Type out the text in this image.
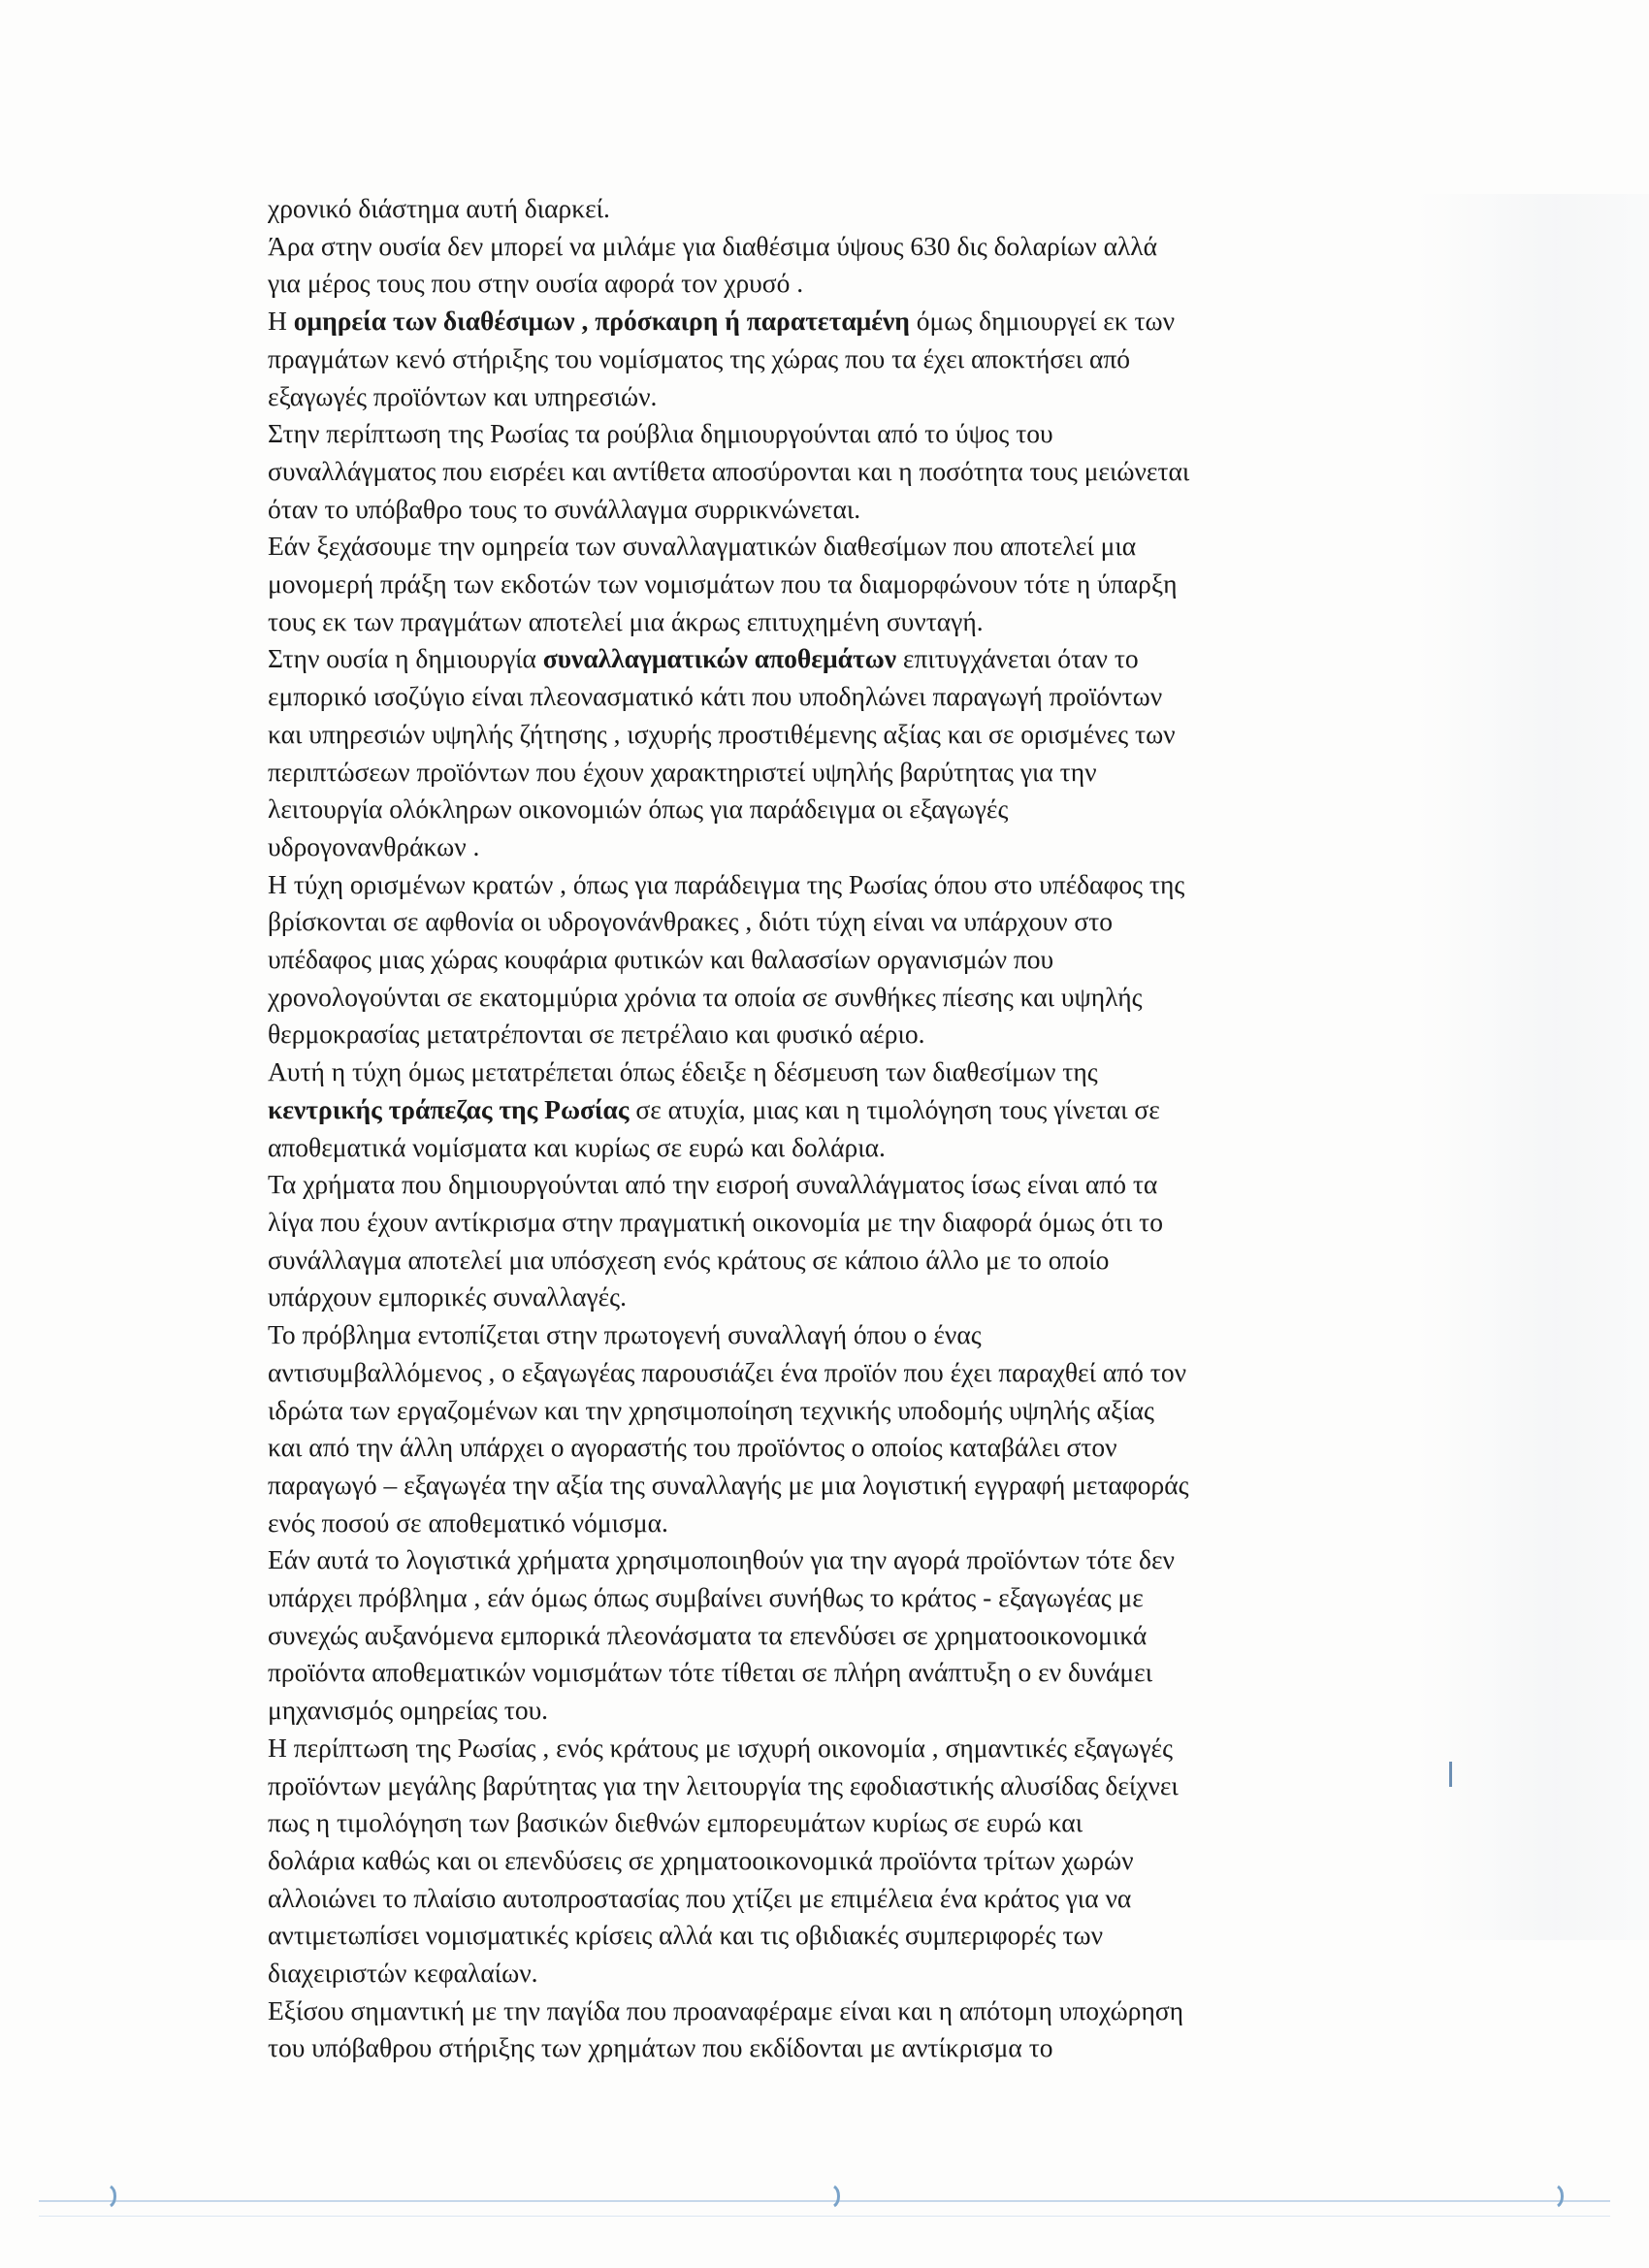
χρονικό διάστημα αυτή διαρκεί.
Άρα στην ουσία δεν μπορεί να μιλάμε για διαθέσιμα ύψους 630 δις δολαρίων αλλά
για μέρος τους που στην ουσία αφορά τον χρυσό .
Η ομηρεία των διαθέσιμων , πρόσκαιρη ή παρατεταμένη όμως δημιουργεί εκ των
πραγμάτων κενό στήριξης του νομίσματος της χώρας που τα έχει αποκτήσει από
εξαγωγές προϊόντων και υπηρεσιών.
Στην περίπτωση της Ρωσίας τα ρούβλια δημιουργούνται από το ύψος του
συναλλάγματος που εισρέει και αντίθετα αποσύρονται και η ποσότητα τους μειώνεται
όταν το υπόβαθρο τους το συνάλλαγμα συρρικνώνεται.
Εάν ξεχάσουμε την ομηρεία των συναλλαγματικών διαθεσίμων που αποτελεί μια
μονομερή πράξη των εκδοτών των νομισμάτων που τα διαμορφώνουν τότε η ύπαρξη
τους εκ των πραγμάτων αποτελεί μια άκρως επιτυχημένη συνταγή.
Στην ουσία η δημιουργία συναλλαγματικών αποθεμάτων επιτυγχάνεται όταν το
εμπορικό ισοζύγιο είναι πλεονασματικό κάτι που υποδηλώνει παραγωγή προϊόντων
και υπηρεσιών υψηλής ζήτησης , ισχυρής προστιθέμενης αξίας και σε ορισμένες των
περιπτώσεων προϊόντων που έχουν χαρακτηριστεί υψηλής βαρύτητας για την
λειτουργία ολόκληρων οικονομιών όπως για παράδειγμα οι εξαγωγές
υδρογονανθράκων .
Η τύχη ορισμένων κρατών , όπως για παράδειγμα της Ρωσίας όπου στο υπέδαφος της
βρίσκονται σε αφθονία οι υδρογονάνθρακες , διότι τύχη είναι να υπάρχουν στο
υπέδαφος μιας χώρας κουφάρια φυτικών και θαλασσίων οργανισμών που
χρονολογούνται σε εκατομμύρια χρόνια τα οποία σε συνθήκες πίεσης και υψηλής
θερμοκρασίας μετατρέπονται σε πετρέλαιο και φυσικό αέριο.
Αυτή η τύχη όμως μετατρέπεται όπως έδειξε η δέσμευση των διαθεσίμων της
κεντρικής τράπεζας της Ρωσίας σε ατυχία, μιας και η τιμολόγηση τους γίνεται σε
αποθεματικά νομίσματα και κυρίως σε ευρώ και δολάρια.
Τα χρήματα που δημιουργούνται από την εισροή συναλλάγματος ίσως είναι από τα
λίγα που έχουν αντίκρισμα στην πραγματική οικονομία με την διαφορά όμως ότι το
συνάλλαγμα αποτελεί μια υπόσχεση ενός κράτους σε κάποιο άλλο με το οποίο
υπάρχουν εμπορικές συναλλαγές.
Το πρόβλημα εντοπίζεται στην πρωτογενή συναλλαγή όπου ο ένας
αντισυμβαλλόμενος , ο εξαγωγέας παρουσιάζει ένα προϊόν που έχει παραχθεί από τον
ιδρώτα των εργαζομένων και την χρησιμοποίηση τεχνικής υποδομής υψηλής αξίας
και από την άλλη υπάρχει ο αγοραστής του προϊόντος ο οποίος καταβάλει στον
παραγωγό – εξαγωγέα την αξία της συναλλαγής με μια λογιστική εγγραφή μεταφοράς
ενός ποσού σε αποθεματικό νόμισμα.
Εάν αυτά το λογιστικά χρήματα χρησιμοποιηθούν για την αγορά προϊόντων τότε δεν
υπάρχει πρόβλημα , εάν όμως όπως συμβαίνει συνήθως το κράτος - εξαγωγέας με
συνεχώς αυξανόμενα εμπορικά πλεονάσματα τα επενδύσει σε χρηματοοικονομικά
προϊόντα αποθεματικών νομισμάτων τότε τίθεται σε πλήρη ανάπτυξη ο εν δυνάμει
μηχανισμός ομηρείας του.
Η περίπτωση της Ρωσίας , ενός κράτους με ισχυρή οικονομία , σημαντικές εξαγωγές
προϊόντων μεγάλης βαρύτητας για την λειτουργία της εφοδιαστικής αλυσίδας δείχνει
πως η τιμολόγηση των βασικών διεθνών εμπορευμάτων κυρίως σε ευρώ και
δολάρια καθώς και οι επενδύσεις σε χρηματοοικονομικά προϊόντα τρίτων χωρών
αλλοιώνει το πλαίσιο αυτοπροστασίας που χτίζει με επιμέλεια ένα κράτος για να
αντιμετωπίσει νομισματικές κρίσεις αλλά και τις οβιδιακές συμπεριφορές των
διαχειριστών κεφαλαίων.
Εξίσου σημαντική με την παγίδα που προαναφέραμε είναι και η απότομη υποχώρηση
του υπόβαθρου στήριξης των χρημάτων που εκδίδονται με αντίκρισμα το
